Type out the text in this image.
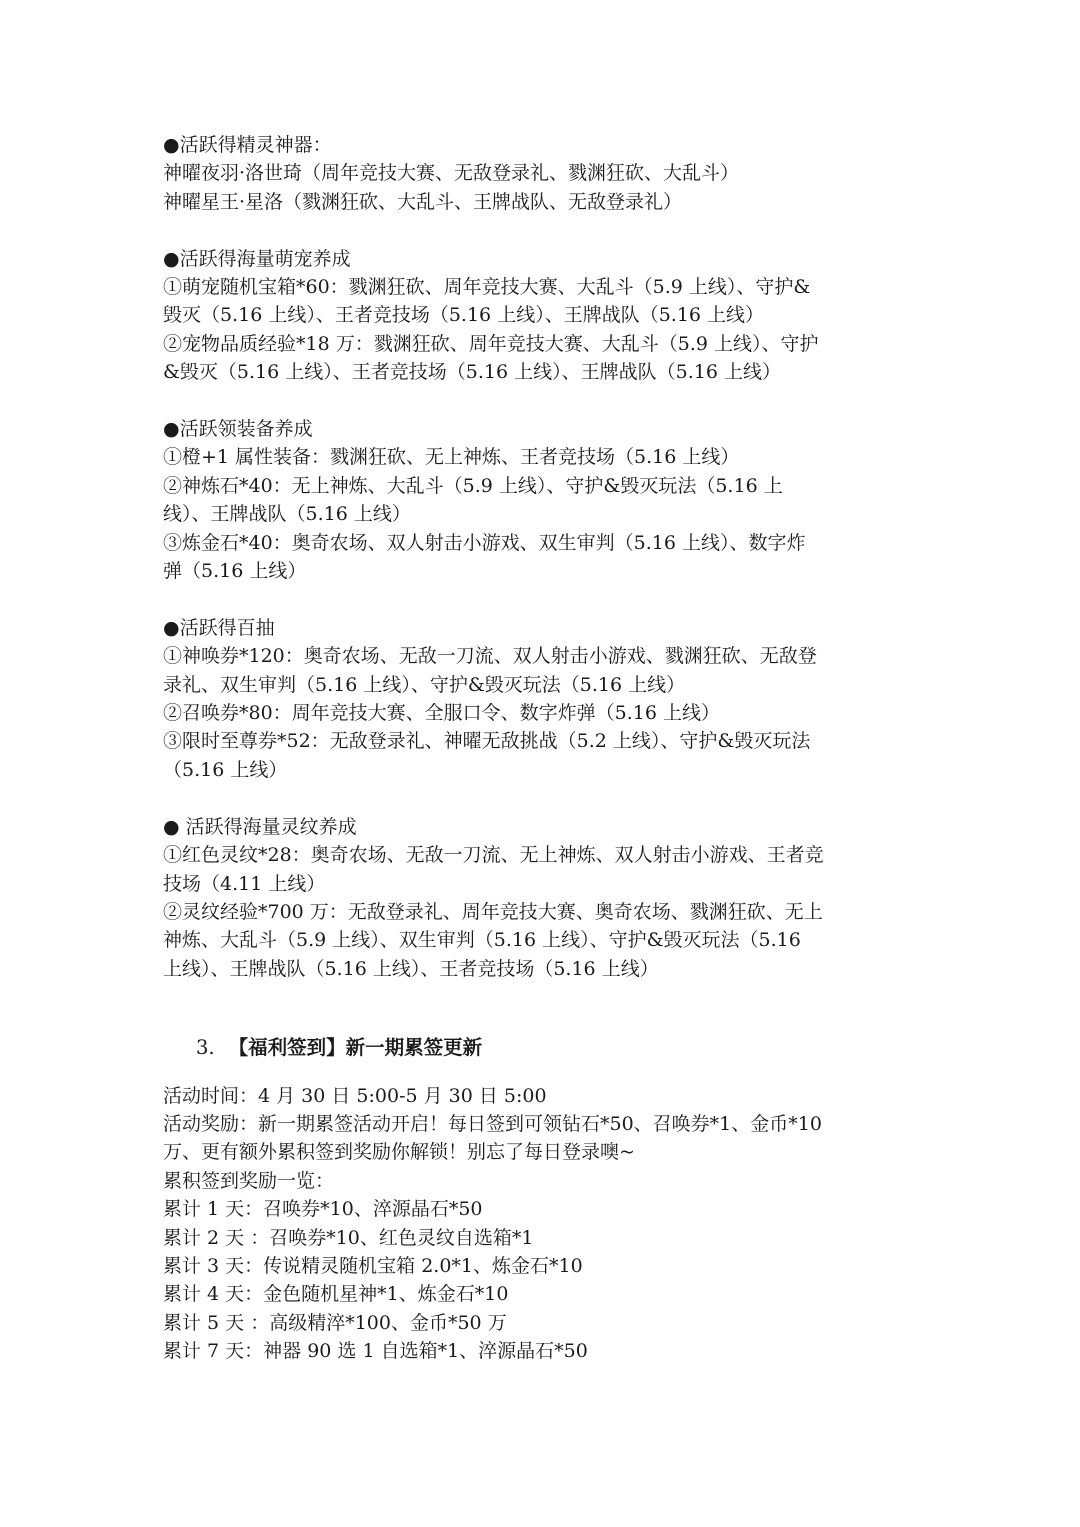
●活跃得精灵神器：

神曜夜羽·洛世琦（周年竞技大赛、无敌登录礼、戮渊狂砍、大乱斗）

神曜星王·星洛（戮渊狂砍、大乱斗、王牌战队、无敌登录礼）

●活跃得海量萌宠养成

①萌宠随机宝箱*60：戮渊狂砍、周年竞技大赛、大乱斗（5.9 上线）、守护&

毁灭（5.16 上线）、王者竞技场（5.16 上线）、王牌战队（5.16 上线）

②宠物品质经验*18 万：戮渊狂砍、周年竞技大赛、大乱斗（5.9 上线）、守护

&毁灭（5.16 上线）、王者竞技场（5.16 上线）、王牌战队（5.16 上线）

●活跃领装备养成

①橙+1 属性装备：戮渊狂砍、无上神炼、王者竞技场（5.16 上线）

②神炼石*40：无上神炼、大乱斗（5.9 上线）、守护&毁灭玩法（5.16 上

线）、王牌战队（5.16 上线）

③炼金石*40：奥奇农场、双人射击小游戏、双生审判（5.16 上线）、数字炸

弹（5.16 上线）

●活跃得百抽

①神唤券*120：奥奇农场、无敌一刀流、双人射击小游戏、戮渊狂砍、无敌登

录礼、双生审判（5.16 上线）、守护&毁灭玩法（5.16 上线）

②召唤券*80：周年竞技大赛、全服口令、数字炸弹（5.16 上线）

③限时至尊券*52：无敌登录礼、神曜无敌挑战（5.2 上线）、守护&毁灭玩法

（5.16 上线）

● 活跃得海量灵纹养成

①红色灵纹*28：奥奇农场、无敌一刀流、无上神炼、双人射击小游戏、王者竞

技场（4.11 上线）

②灵纹经验*700 万：无敌登录礼、周年竞技大赛、奥奇农场、戮渊狂砍、无上

神炼、大乱斗（5.9 上线）、双生审判（5.16 上线）、守护&毁灭玩法（5.16

上线）、王牌战队（5.16 上线）、王者竞技场（5.16 上线）

3. 【福利签到】新一期累签更新

活动时间：4 月 30 日 5:00-5 月 30 日 5:00

活动奖励：新一期累签活动开启！每日签到可领钻石*50、召唤券*1、金币*10

万、更有额外累积签到奖励你解锁！别忘了每日登录噢~

累积签到奖励一览：

累计 1 天：召唤券*10、淬源晶石*50

累计 2 天 ：召唤券*10、红色灵纹自选箱*1

累计 3 天：传说精灵随机宝箱 2.0*1、炼金石*10

累计 4 天：金色随机星神*1、炼金石*10

累计 5 天 ：高级精淬*100、金币*50 万

累计 7 天：神器 90 选 1 自选箱*1、淬源晶石*50
